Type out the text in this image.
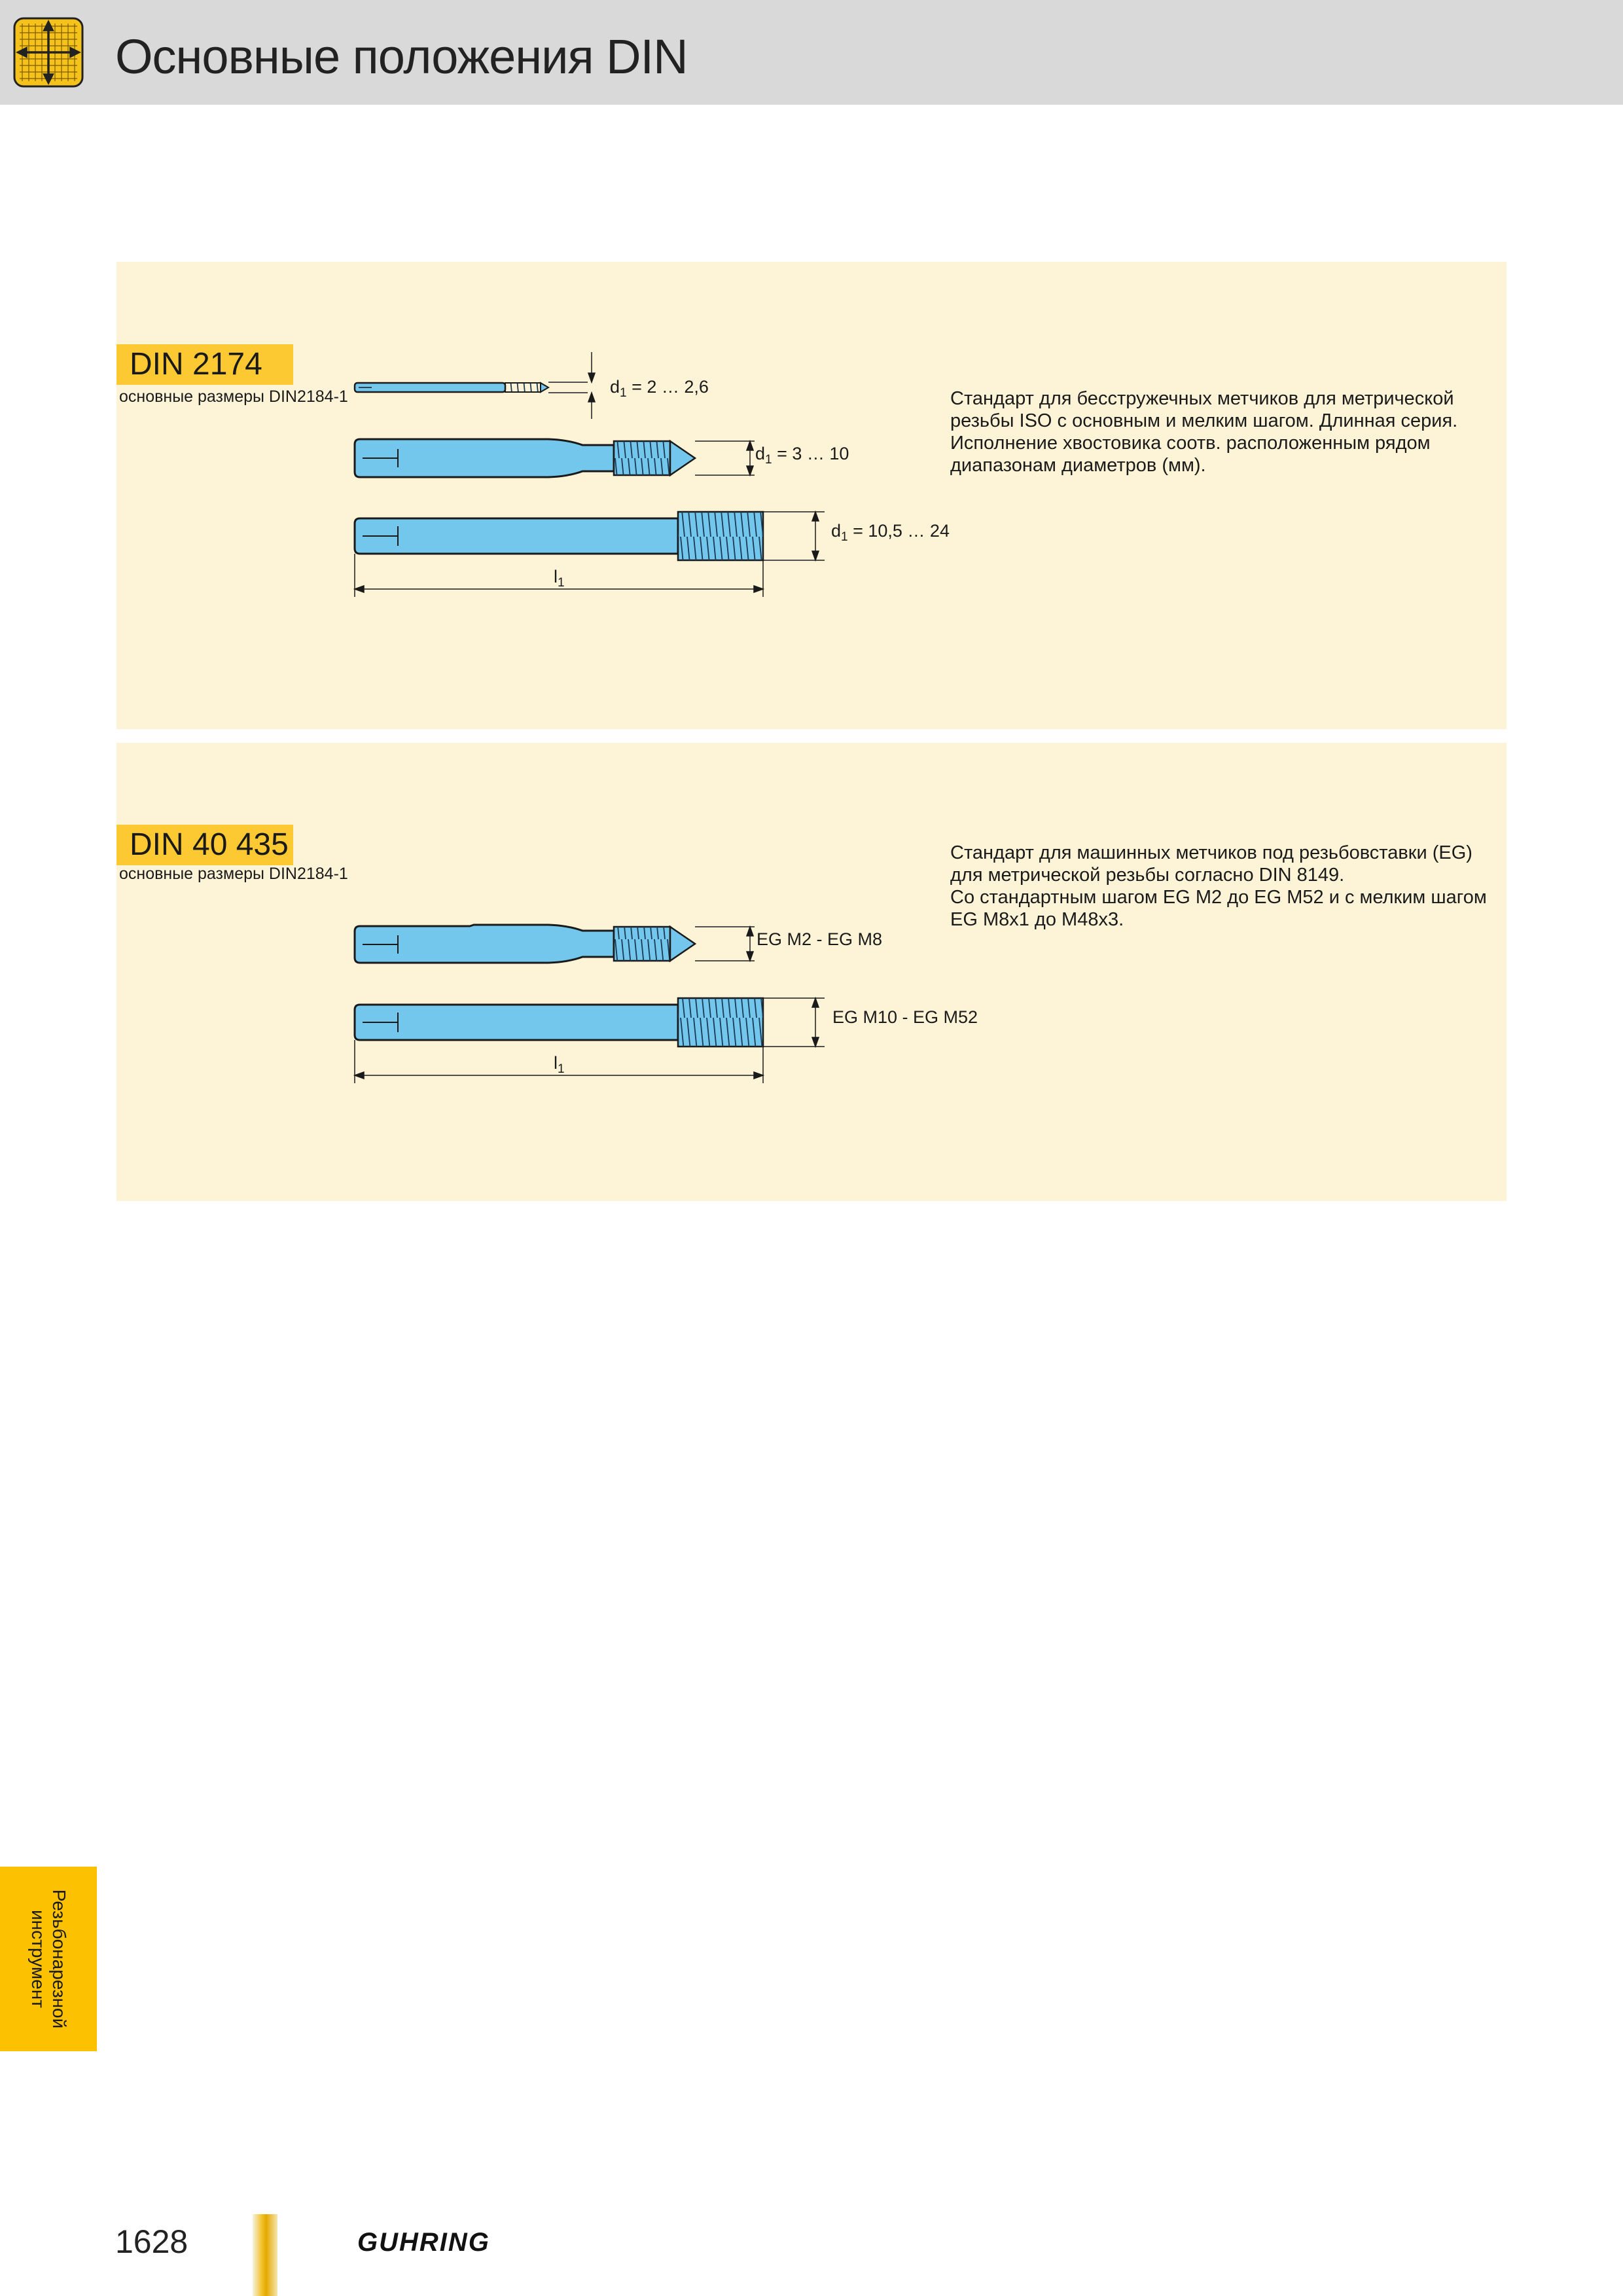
Основные положения DIN
DIN 2174
основные размеры DIN2184-1	$d_1 = 2$ … 2,6
$d_1 = 3$ … 10
$d_1 = 10,5$ … 24
$l_1$
Стандарт для бесстружечных метчиков для метрической
резьбы ISO с основным и мелким шагом. Длинная серия.
Исполнение хвостовика соотв. расположенным рядом
диапазонам диаметров (мм).
DIN 40 435
основные размеры DIN2184-1
EG M2 - EG M8
EG M10 - EG M52
$l_1$
Стандарт для машинных метчиков под резьбовставки (EG)
для метрической резьбы согласно DIN 8149.
Со стандартным шагом EG M2 до EG M52 и с мелким шагом
EG M8x1 до M48x3.
Резьбонарезной
инструмент
1628	GUHRING
